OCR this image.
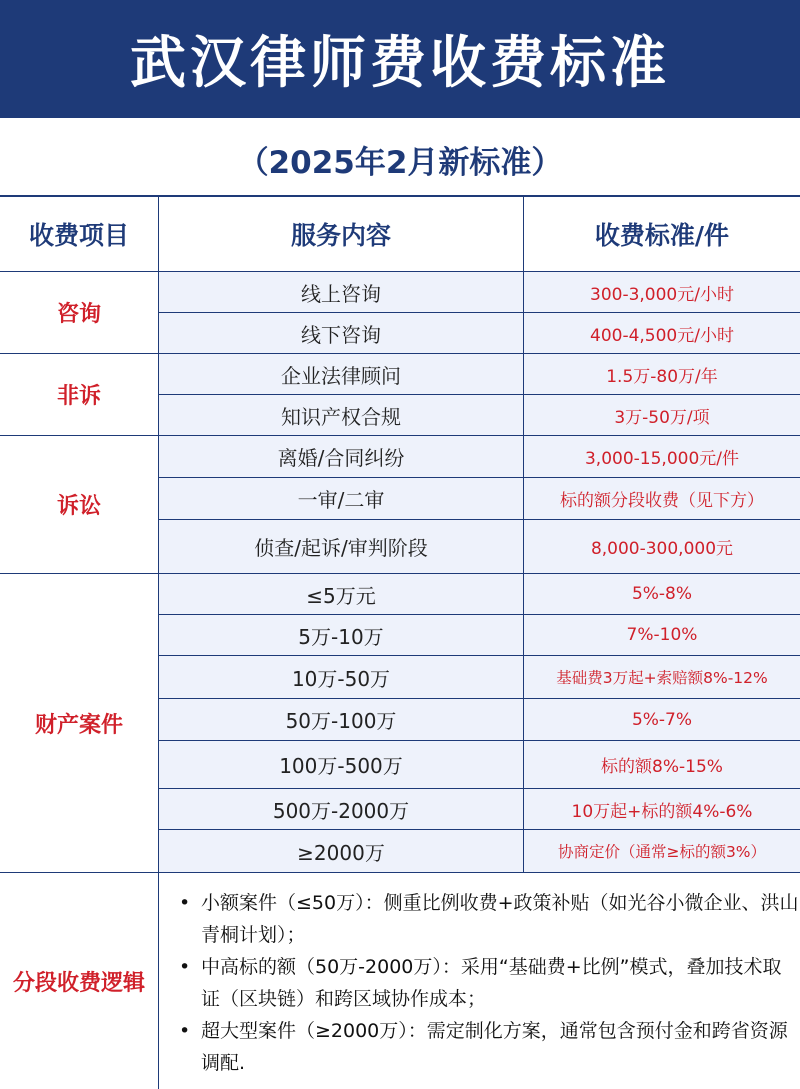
武汉律师费收费标准
（2025年2月新标准）
收费项目	服务内容	收费标准/件
咨询
线上咨询	300-3,000元/小时
线下咨询	400-4,500元/小时
非诉
企业法律顾问	1.5万-80万/年
知识产权合规	3万-50万/项
诉讼
离婚/合同纠纷	3,000-15,000元/件
一审/二审	标的额分段收费（见下方）
侦查/起诉/审判阶段	8,000-300,000元
财产案件
≤5万元	5%-8%
5万-10万	7%-10%
10万-50万	基础费3万起+索赔额8%-12%
50万-100万	5%-7%
100万-500万	标的额8%-15%
500万-2000万	10万起+标的额4%-6%
≥2000万	协商定价（通常≥标的额3%）
分段收费逻辑
• 小额案件（≤50万）：侧重比例收费+政策补贴（如光谷小微企业、洪山青桐计划）；
• 中高标的额（50万-2000万）：采用“基础费+比例”模式，叠加技术取证（区块链）和跨区域协作成本；
• 超大型案件（≥2000万）：需定制化方案，通常包含预付金和跨省资源调配.
